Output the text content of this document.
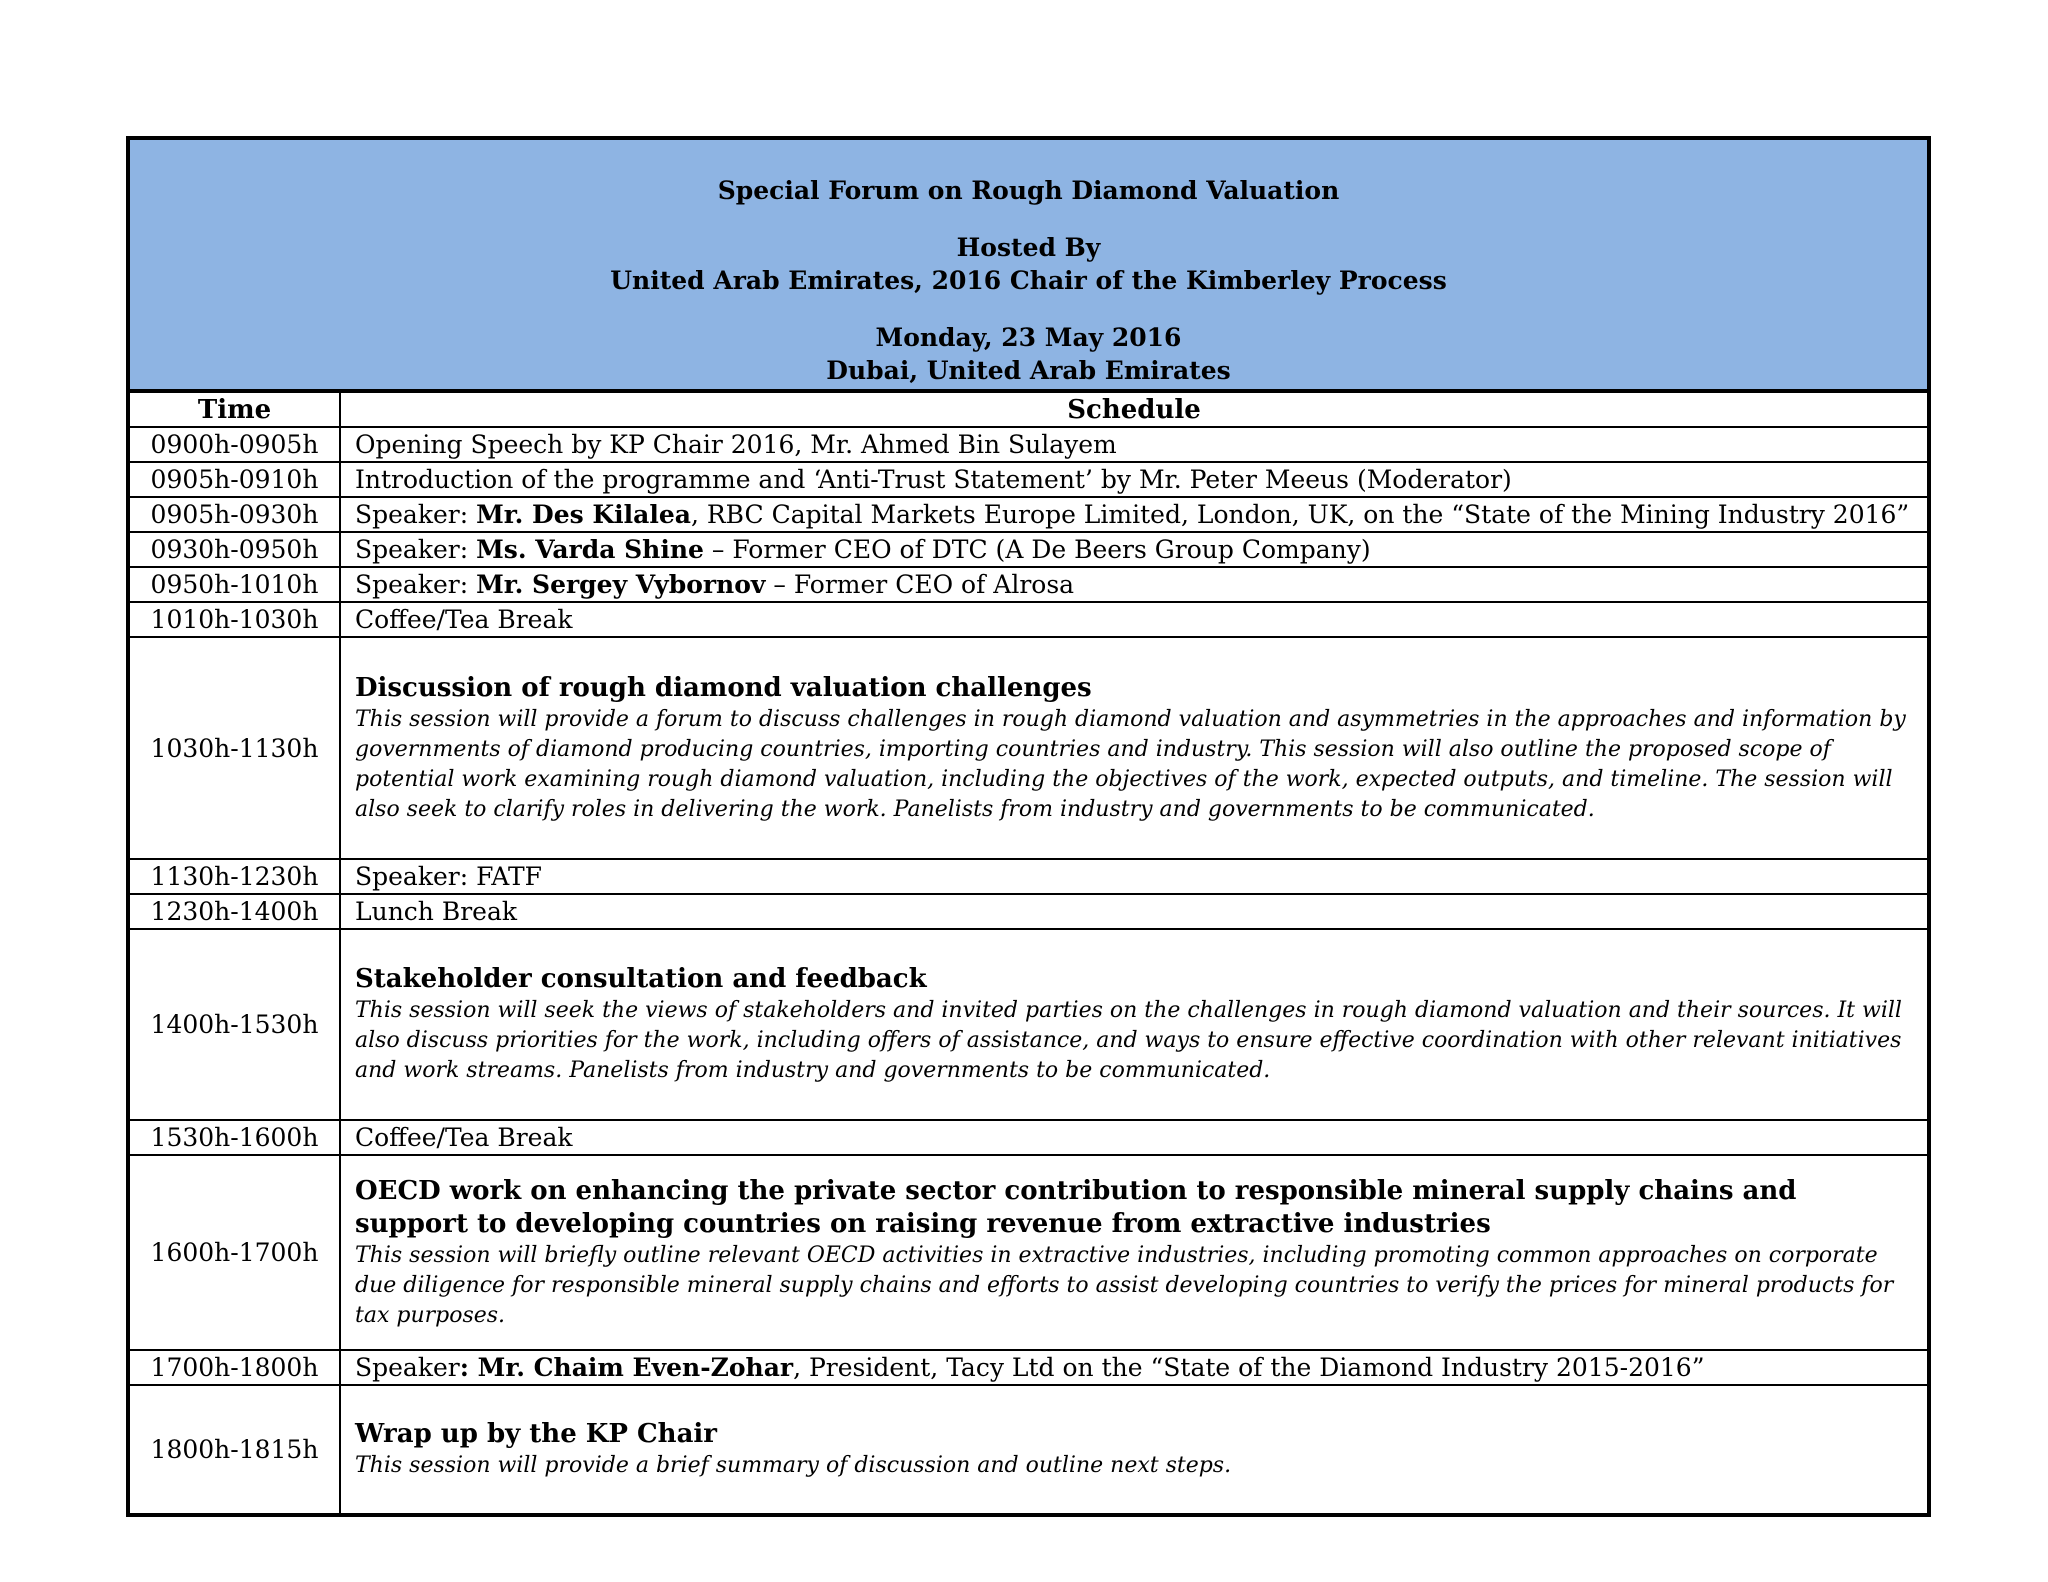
Special Forum on Rough Diamond Valuation

Hosted By

United Arab Emirates, 2016 Chair of the Kimberley Process

Monday, 23 May 2016

Dubai, United Arab Emirates

Time	Schedule
0900h-0905h	Opening Speech by KP Chair 2016, Mr. Ahmed Bin Sulayem
0905h-0910h	Introduction of the programme and ‘Anti-Trust Statement’ by Mr. Peter Meeus (Moderator)
0905h-0930h	Speaker: Mr. Des Kilalea, RBC Capital Markets Europe Limited, London, UK, on the “State of the Mining Industry 2016”
0930h-0950h	Speaker: Ms. Varda Shine – Former CEO of DTC (A De Beers Group Company)
0950h-1010h	Speaker: Mr. Sergey Vybornov – Former CEO of Alrosa
1010h-1030h	Coffee/Tea Break
1030h-1130h	Discussion of rough diamond valuation challenges
This session will provide a forum to discuss challenges in rough diamond valuation and asymmetries in the approaches and information by governments of diamond producing countries, importing countries and industry. This session will also outline the proposed scope of potential work examining rough diamond valuation, including the objectives of the work, expected outputs, and timeline. The session will also seek to clarify roles in delivering the work. Panelists from industry and governments to be communicated.

1130h-1230h	Speaker: FATF
1230h-1400h	Lunch Break
1400h-1530h	Stakeholder consultation and feedback
This session will seek the views of stakeholders and invited parties on the challenges in rough diamond valuation and their sources. It will also discuss priorities for the work, including offers of assistance, and ways to ensure effective coordination with other relevant initiatives and work streams. Panelists from industry and governments to be communicated.

1530h-1600h	Coffee/Tea Break
1600h-1700h	OECD work on enhancing the private sector contribution to responsible mineral supply chains and support to developing countries on raising revenue from extractive industries
This session will briefly outline relevant OECD activities in extractive industries, including promoting common approaches on corporate due diligence for responsible mineral supply chains and efforts to assist developing countries to verify the prices for mineral products for tax purposes.

1700h-1800h	Speaker: Mr. Chaim Even-Zohar, President, Tacy Ltd on the “State of the Diamond Industry 2015-2016”
1800h-1815h	Wrap up by the KP Chair
This session will provide a brief summary of discussion and outline next steps.
